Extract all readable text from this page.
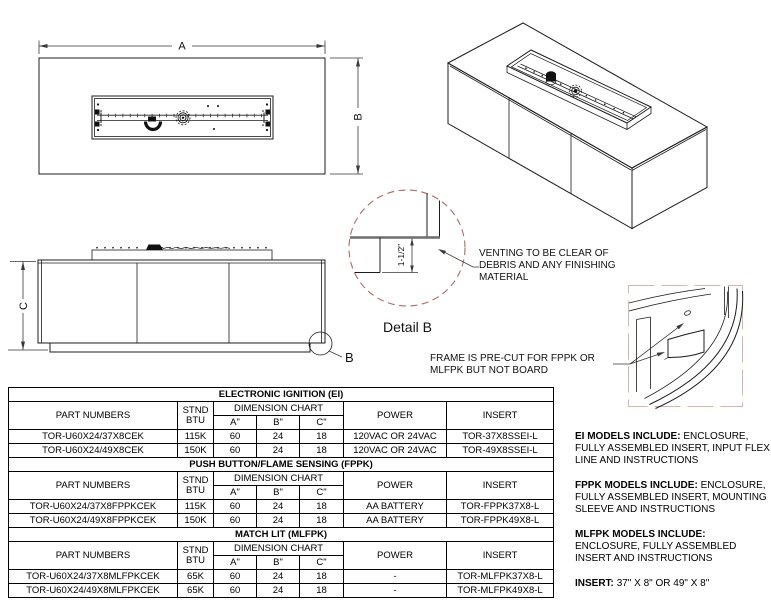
A
B
C
B
1-1/2"
Detail B
VENTING TO BE CLEAR OF
DEBRIS AND ANY FINISHING
MATERIAL
FRAME IS PRE-CUT FOR FPPK OR
MLFPK BUT NOT BOARD
ELECTRONIC IGNITION (EI)						
PART NUMBERS	STND
BTU	DIMENSION CHART			POWER	INSERT
		A"	B"	C"		
TOR-U60X24/37X8CEK	115K	60	24	18	120VAC OR 24VAC	TOR-37X8SSEI-L
TOR-U60X24/49X8CEK	150K	60	24	18	120VAC OR 24VAC	TOR-49X8SSEI-L
PUSH BUTTON/FLAME SENSING (FPPK)						
PART NUMBERS	STND
BTU	DIMENSION CHART			POWER	INSERT
		A"	B"	C"		
TOR-U60X24/37X8FPPKCEK	115K	60	24	18	AA BATTERY	TOR-FPPK37X8-L
TOR-U60X24/49X8FPPKCEK	150K	60	24	18	AA BATTERY	TOR-FPPK49X8-L
MATCH LIT (MLFPK)						
PART NUMBERS	STND
BTU	DIMENSION CHART			POWER	INSERT
		A"	B"	C"		
TOR-U60X24/37X8MLFPKCEK	65K	60	24	18	-	TOR-MLFPK37X8-L
TOR-U60X24/49X8MLFPKCEK	65K	60	24	18	-	TOR-MLFPK49X8-L

EI MODELS INCLUDE: ENCLOSURE, FULLY ASSEMBLED INSERT, INPUT FLEX LINE AND INSTRUCTIONS

FPPK MODELS INCLUDE: ENCLOSURE, FULLY ASSEMBLED INSERT, MOUNTING SLEEVE AND INSTRUCTIONS

MLFPK MODELS INCLUDE: ENCLOSURE, FULLY ASSEMBLED INSERT AND INSTRUCTIONS

INSERT: 37" X 8" OR 49" X 8"
